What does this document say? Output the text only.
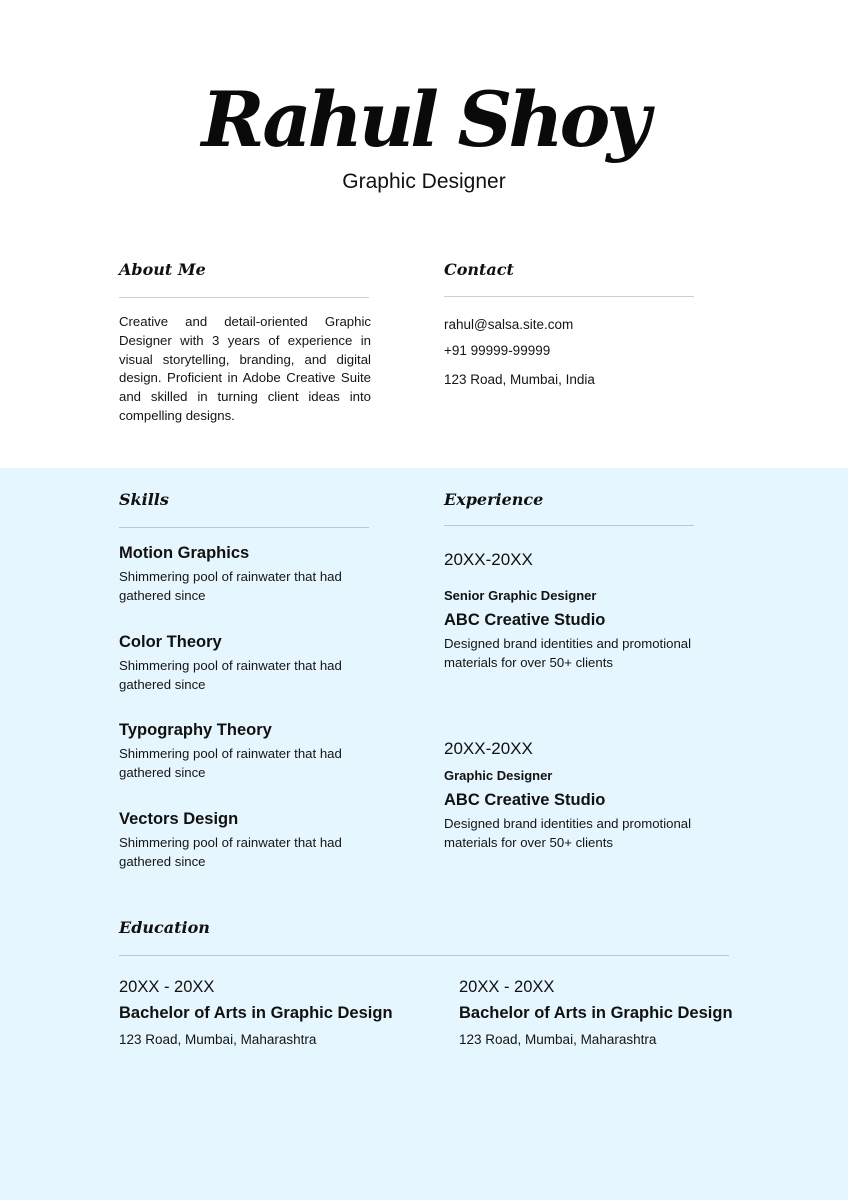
Rahul Shoy
Graphic Designer
About Me
Creative and detail-oriented Graphic Designer with 3 years of experience in visual storytelling, branding, and digital design. Proficient in Adobe Creative Suite and skilled in turning client ideas into compelling designs.
Contact
rahul@salsa.site.com
+91 99999-99999
123 Road, Mumbai, India
Skills
Motion Graphics
Shimmering pool of rainwater that had gathered since
Color Theory
Shimmering pool of rainwater that had gathered since
Typography Theory
Shimmering pool of rainwater that had gathered since
Vectors Design
Shimmering pool of rainwater that had gathered since
Experience
20XX-20XX
Senior Graphic Designer
ABC Creative Studio
Designed brand identities and promotional materials for over 50+ clients
20XX-20XX
Graphic Designer
ABC Creative Studio
Designed brand identities and promotional materials for over 50+ clients
Education
20XX - 20XX
Bachelor of Arts in Graphic Design
123 Road, Mumbai, Maharashtra
20XX - 20XX
Bachelor of Arts in Graphic Design
123 Road, Mumbai, Maharashtra
